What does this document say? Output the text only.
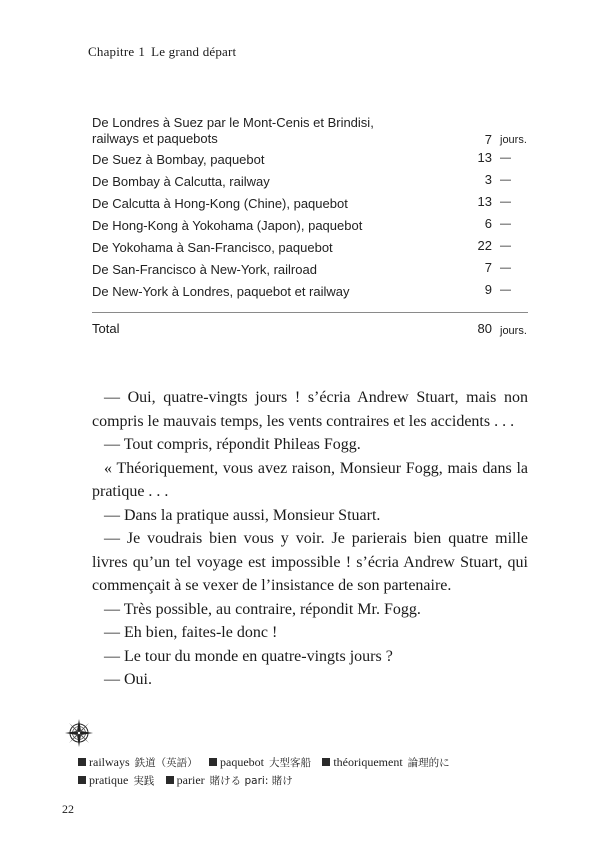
Chapitre 1 Le grand départ
De Londres à Suez par le Mont-Cenis et Brindisi,
railways et paquebots	7 jours.
De Suez à Bombay, paquebot	13 —
De Bombay à Calcutta, railway	3 —
De Calcutta à Hong-Kong (Chine), paquebot	13 —
De Hong-Kong à Yokohama (Japon), paquebot	6 —
De Yokohama à San-Francisco, paquebot	22 —
De San-Francisco à New-York, railroad	7 —
De New-York à Londres, paquebot et railway	9 —
Total	80 jours.

— Oui, quatre-vingts jours ! s’écria Andrew Stuart, mais non compris le mauvais temps, les vents contraires et les accidents . . .

— Tout compris, répondit Phileas Fogg.

« Théoriquement, vous avez raison, Monsieur Fogg, mais dans la pratique . . .

— Dans la pratique aussi, Monsieur Stuart.

— Je voudrais bien vous y voir. Je parierais bien quatre mille livres qu’un tel voyage est impossible ! s’écria Andrew Stuart, qui commençait à se vexer de l’insistance de son partenaire.

— Très possible, au contraire, répondit Mr. Fogg.

— Eh bien, faites-le donc !

— Le tour du monde en quatre-vingts jours ?

— Oui.

railways 鉄道（英語） paquebot 大型客船 théoriquement 論理的に
pratique 実践 parier 賭ける pari: 賭け
22
